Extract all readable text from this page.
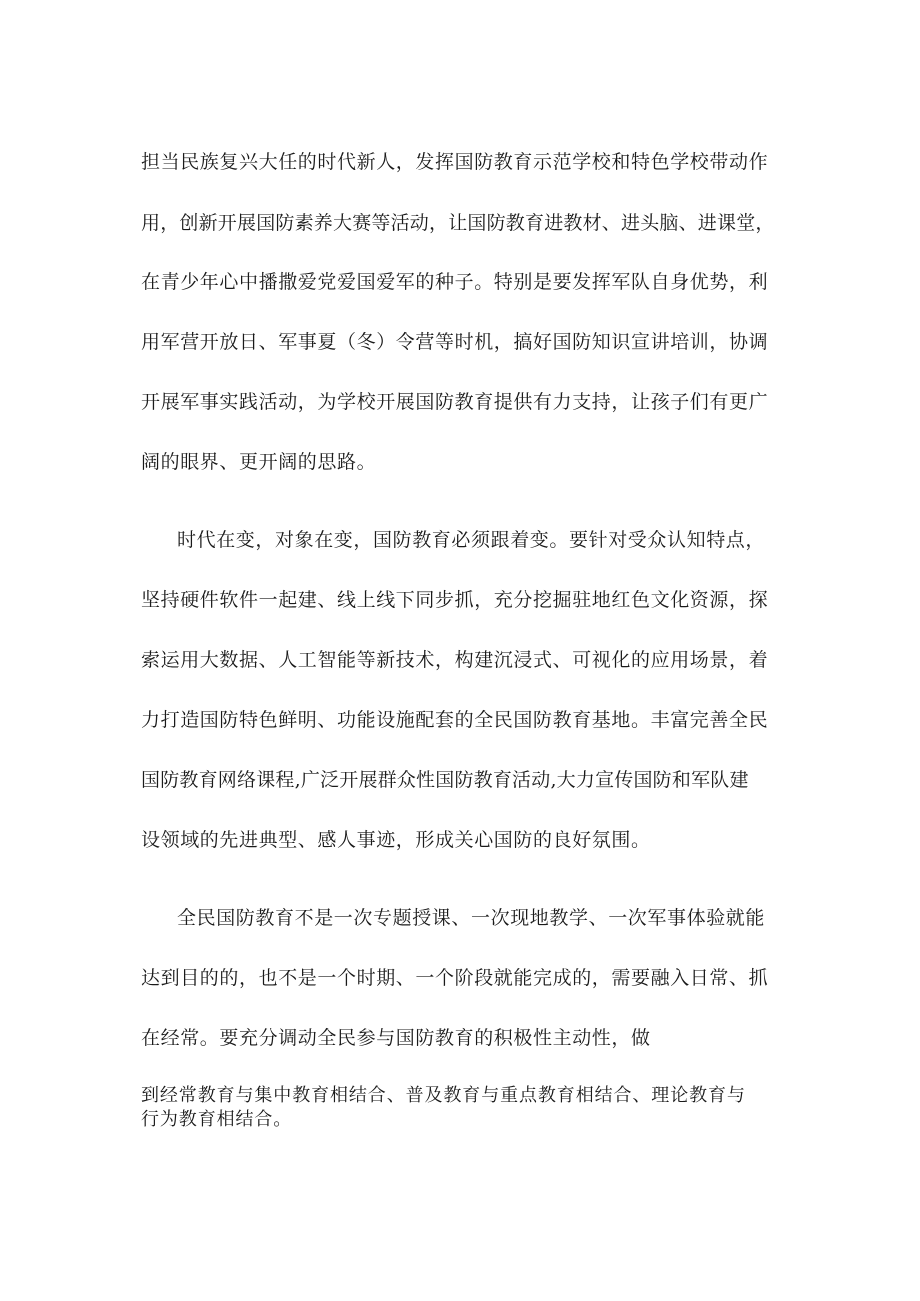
担当民族复兴大任的时代新人，发挥国防教育示范学校和特色学校带动作
用，创新开展国防素养大赛等活动，让国防教育进教材、进头脑、进课堂，
在青少年心中播撒爱党爱国爱军的种子。特别是要发挥军队自身优势，利
用军营开放日、军事夏（冬）令营等时机，搞好国防知识宣讲培训，协调
开展军事实践活动，为学校开展国防教育提供有力支持，让孩子们有更广
阔的眼界、更开阔的思路。
时代在变，对象在变，国防教育必须跟着变。要针对受众认知特点，
坚持硬件软件一起建、线上线下同步抓，充分挖掘驻地红色文化资源，探
索运用大数据、人工智能等新技术，构建沉浸式、可视化的应用场景，着
力打造国防特色鲜明、功能设施配套的全民国防教育基地。丰富完善全民
国防教育网络课程,广泛开展群众性国防教育活动,大力宣传国防和军队建
设领域的先进典型、感人事迹，形成关心国防的良好氛围。
全民国防教育不是一次专题授课、一次现地教学、一次军事体验就能
达到目的的，也不是一个时期、一个阶段就能完成的，需要融入日常、抓
在经常。要充分调动全民参与国防教育的积极性主动性，做
到经常教育与集中教育相结合、普及教育与重点教育相结合、理论教育与
行为教育相结合。
